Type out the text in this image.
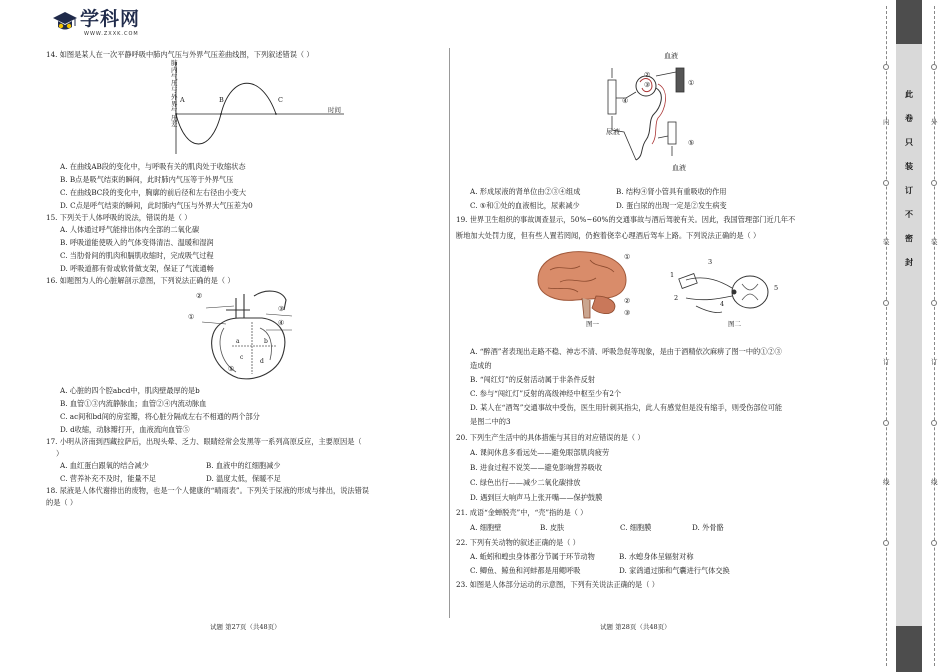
学科网
WWW.ZXXK.COM
14. 如图是某人在一次平静呼吸中肺内气压与外界气压差曲线图，下列叙述错误（ ）
肺内气压与外界气压差
A	B	C
时间
A. 在曲线AB段的变化中，与呼吸有关的肌肉处于收缩状态
B. B点是吸气结束的瞬间，此时肺内气压等于外界气压
C. 在曲线BC段的变化中，胸廓的前后径和左右径由小变大
D. C点是呼气结束的瞬间，此时肺内气压与外界大气压差为0
15. 下列关于人体呼吸的说法，错误的是（ ）
A. 人体通过呼气能排出体内全部的二氧化碳
B. 呼吸道能使吸入的气体变得清洁、温暖和湿润
C. 当肋骨间的肌肉和膈肌收缩时，完成吸气过程
D. 呼吸道都有骨或软骨做支架，保证了气流通畅
16. 如题图为人的心脏解剖示意图，下列说法正确的是（ ）
②
③
④
①
⑤
a	b
c
d
A. 心脏的四个腔abcd中，肌肉壁最厚的是b
B. 血管①③内流静脉血；血管②④内流动脉血
C. ac间和bd间的房室瓣，将心脏分隔成左右不相通的两个部分
D. d收缩，动脉瓣打开，血液流向血管⑤
17. 小明从济南到西藏拉萨后，出现头晕、乏力、眼睛经常会发黑等一系列高原反应，主要原因是（
）
A. 血红蛋白跟氧的结合减少	B. 血液中的红细胞减少
C. 营养补充不及时，能量不足	D. 温度太低，保暖不足
18. 尿液是人体代谢排出的废物，也是一个人健康的“晴雨表”。下列关于尿液的形成与排出，说法错误
的是（ ）
试题 第27页（共48页）
血液
尿液
血液
②
③
④
①
⑤
A. 形成尿液的肾单位由②③④组成	B. 结构④肾小管具有重吸收的作用
C. ⑤和①处的血液相比，尿素减少	D. 蛋白尿的出现一定是②发生病变
19. 世界卫生组织的事故调查显示，50%~60%的交通事故与酒后驾驶有关。因此，我国管理部门近几年不
断地加大处罚力度，但有些人置若罔闻，仍抱着侥幸心理酒后驾车上路。下列说法正确的是（ ）
①
②
③
图一
3
1
2
4
5
图二
A. “醉酒”者表现出走路不稳、神志不清、呼吸急促等现象，是由于酒精依次麻痹了图一中的①②③
造成的
B. “闯红灯”的反射活动属于非条件反射
C. 参与“闯红灯”反射的高级神经中枢至少有2个
D. 某人在“酒驾”交通事故中受伤，医生用针刺其指尖，此人有感觉但是没有缩手，则受伤部位可能
是图二中的3
20. 下列生产生活中的具体措施与其目的对应错误的是（ ）
A. 课间休息多看远处——避免眼部肌肉疲劳
B. 进食过程不说笑——避免影响营养吸收
C. 绿色出行——减少二氧化碳排放
D. 遇到巨大响声马上张开嘴——保护鼓膜
21. 成语“金蝉脱壳”中，“壳”指的是（ ）
A. 细胞壁	B. 皮肤	C. 细胞膜	D. 外骨骼
22. 下列有关动物的叙述正确的是（ ）
A. 蚯蚓和蝗虫身体都分节属于环节动物	B. 水螅身体呈辐射对称
C. 鲫鱼、鲸鱼和河蚌都是用鳃呼吸	D. 家鸽通过肺和气囊进行气体交换
23. 如图是人体部分运动的示意图，下列有关说法正确的是（ ）
试题 第28页（共48页）
此
卷
只
装
订
不
密
封
内
装
订
线
外
装
订
线
